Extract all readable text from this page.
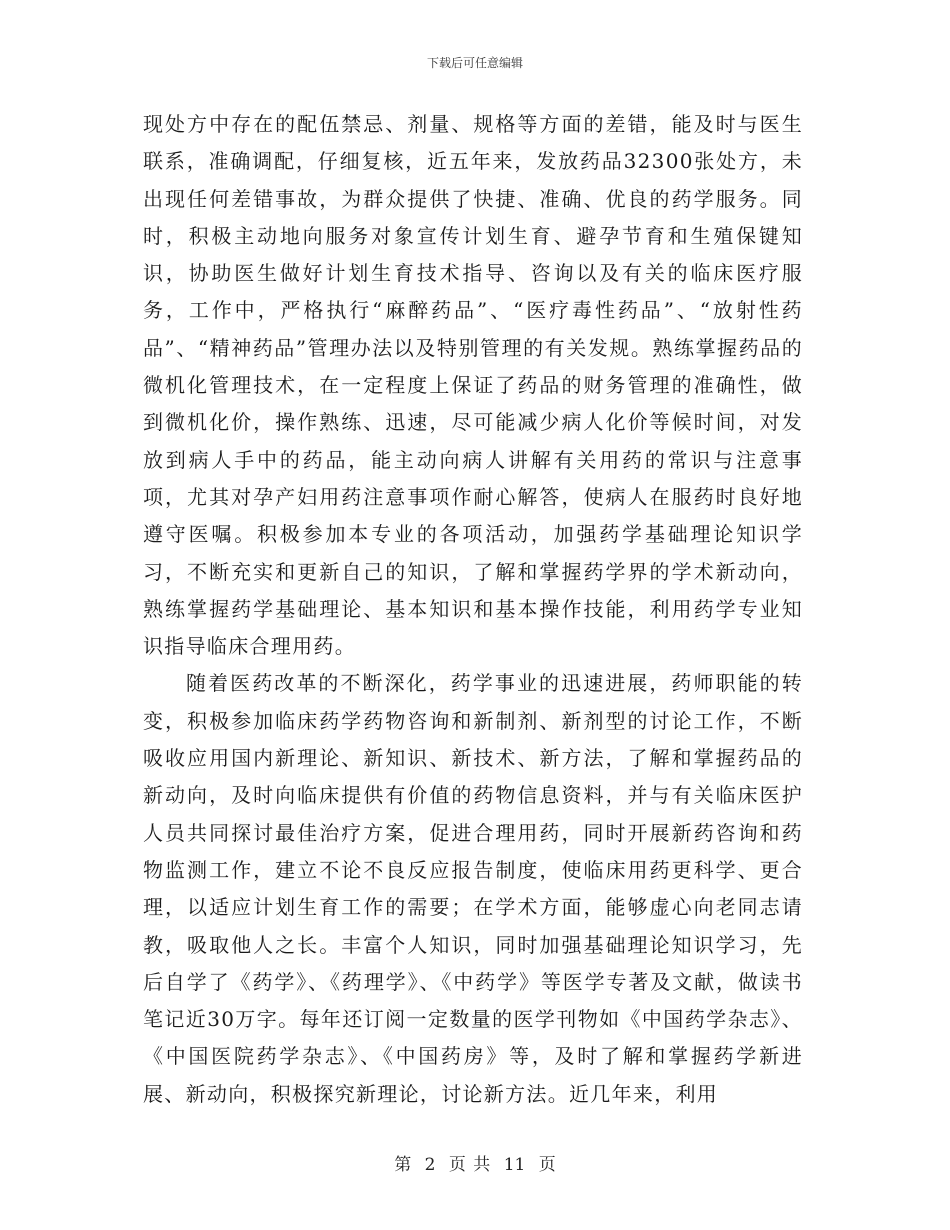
下载后可任意编辑

现处方中存在的配伍禁忌、剂量、规格等方面的差错，能及时与医生联系，准确调配，仔细复核，近五年来，发放药品32300张处方，未出现任何差错事故，为群众提供了快捷、准确、优良的药学服务。同时，积极主动地向服务对象宣传计划生育、避孕节育和生殖保键知识，协助医生做好计划生育技术指导、咨询以及有关的临床医疗服务，工作中，严格执行“麻醉药品”、“医疗毒性药品”、“放射性药品”、“精神药品”管理办法以及特别管理的有关发规。熟练掌握药品的微机化管理技术，在一定程度上保证了药品的财务管理的准确性，做到微机化价，操作熟练、迅速，尽可能减少病人化价等候时间，对发放到病人手中的药品，能主动向病人讲解有关用药的常识与注意事项，尤其对孕产妇用药注意事项作耐心解答，使病人在服药时良好地遵守医嘱。积极参加本专业的各项活动，加强药学基础理论知识学习，不断充实和更新自己的知识，了解和掌握药学界的学术新动向，熟练掌握药学基础理论、基本知识和基本操作技能，利用药学专业知识指导临床合理用药。

随着医药改革的不断深化，药学事业的迅速进展，药师职能的转变，积极参加临床药学药物咨询和新制剂、新剂型的讨论工作，不断吸收应用国内新理论、新知识、新技术、新方法，了解和掌握药品的新动向，及时向临床提供有价值的药物信息资料，并与有关临床医护人员共同探讨最佳治疗方案，促进合理用药，同时开展新药咨询和药物监测工作，建立不论不良反应报告制度，使临床用药更科学、更合理，以适应计划生育工作的需要；在学术方面，能够虚心向老同志请教，吸取他人之长。丰富个人知识，同时加强基础理论知识学习，先后自学了《药学》、《药理学》、《中药学》等医学专著及文献，做读书笔记近30万字。每年还订阅一定数量的医学刊物如《中国药学杂志》、《中国医院药学杂志》、《中国药房》等，及时了解和掌握药学新进展、新动向，积极探究新理论，讨论新方法。近几年来，利用

第 2 页 共 11 页
